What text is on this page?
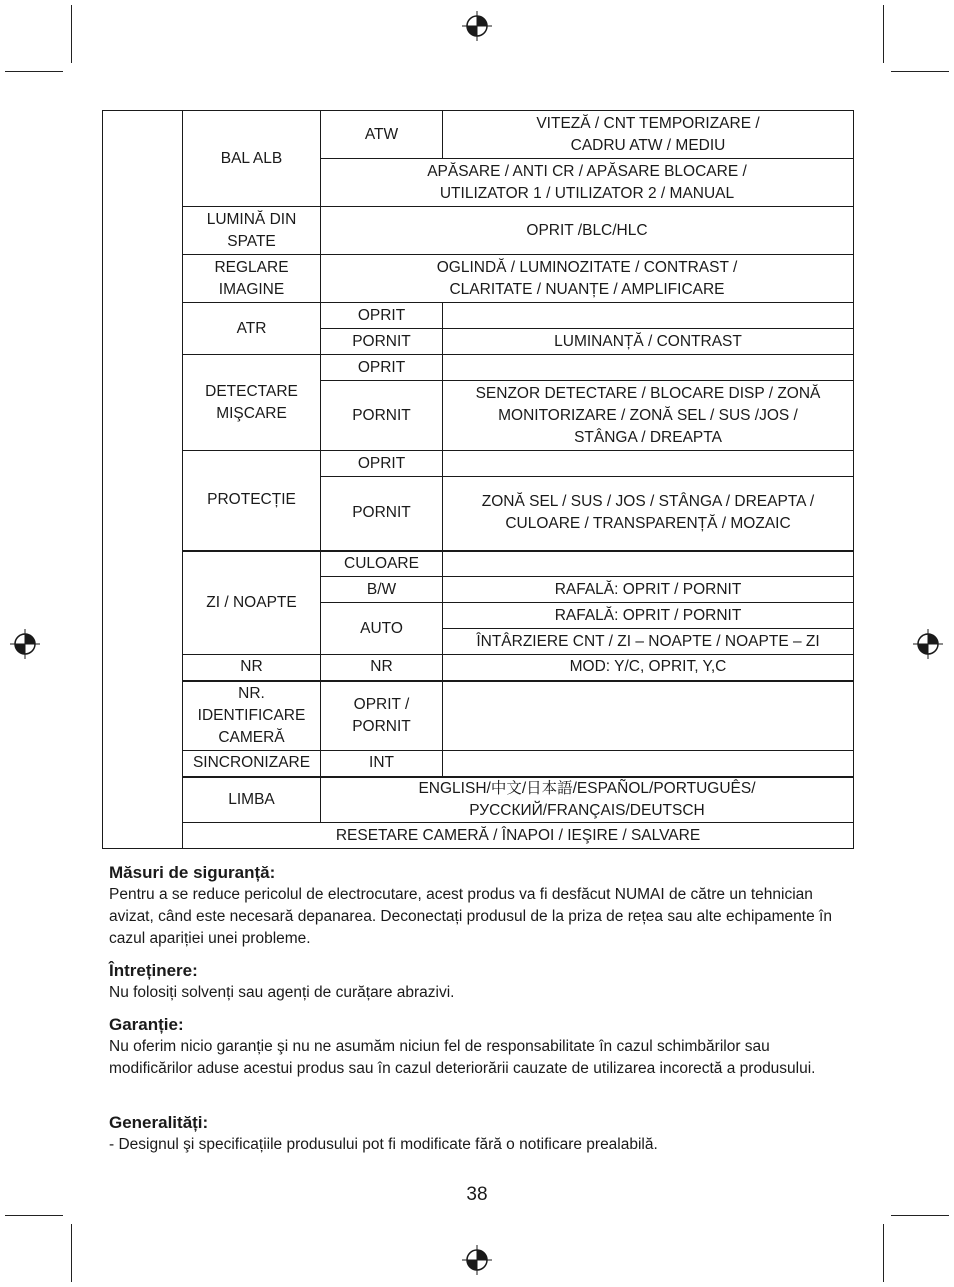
	BAL ALB	ATW	VITEZĂ / CNT TEMPORIZARE /
CADRU ATW / MEDIU
		APĂSARE / ANTI CR / APĂSARE BLOCARE /
UTILIZATOR 1 / UTILIZATOR 2 / MANUAL	
	LUMINĂ DIN
SPATE	OPRIT /BLC/HLC	
	REGLARE
IMAGINE	OGLINDĂ / LUMINOZITATE / CONTRAST /
CLARITATE / NUANȚE / AMPLIFICARE	
	ATR	OPRIT	
		PORNIT	LUMINANȚĂ / CONTRAST
	DETECTARE
MIŞCARE	OPRIT	
		PORNIT	SENZOR DETECTARE / BLOCARE DISP / ZONĂ
MONITORIZARE / ZONĂ SEL / SUS /JOS /
STÂNGA / DREAPTA
	PROTECȚIE	OPRIT	
		PORNIT	ZONĂ SEL / SUS / JOS / STÂNGA / DREAPTA /
CULOARE / TRANSPARENȚĂ / MOZAIC
	ZI / NOAPTE	CULOARE	
		B/W	RAFALĂ: OPRIT / PORNIT
		AUTO	RAFALĂ: OPRIT / PORNIT
			ÎNTÂRZIERE CNT / ZI – NOAPTE / NOAPTE – ZI
	NR	NR	MOD: Y/C, OPRIT, Y,C
	NR.
IDENTIFICARE
CAMERĂ	OPRIT /
PORNIT	
	SINCRONIZARE	INT	
	LIMBA	ENGLISH/中文/日本語/ESPAÑOL/PORTUGUÊS/
РУССКИЙ/FRANÇAIS/DEUTSCH	
	RESETARE CAMERĂ / ÎNAPOI / IEŞIRE / SALVARE		
Măsuri de siguranță:

Pentru a se reduce pericolul de electrocutare, acest produs va fi desfăcut NUMAI de către un tehnician avizat, când este necesară depanarea. Deconectați produsul de la priza de rețea sau alte echipamente în cazul apariției unei probleme.

Întreținere:

Nu folosiți solvenți sau agenți de curățare abrazivi.

Garanție:

Nu oferim nicio garanție şi nu ne asumăm niciun fel de responsabilitate în cazul schimbărilor sau modificărilor aduse acestui produs sau în cazul deteriorării cauzate de utilizarea incorectă a produsului.

Generalități:

- Designul şi specificațiile produsului pot fi modificate fără o notificare prealabilă.

38
